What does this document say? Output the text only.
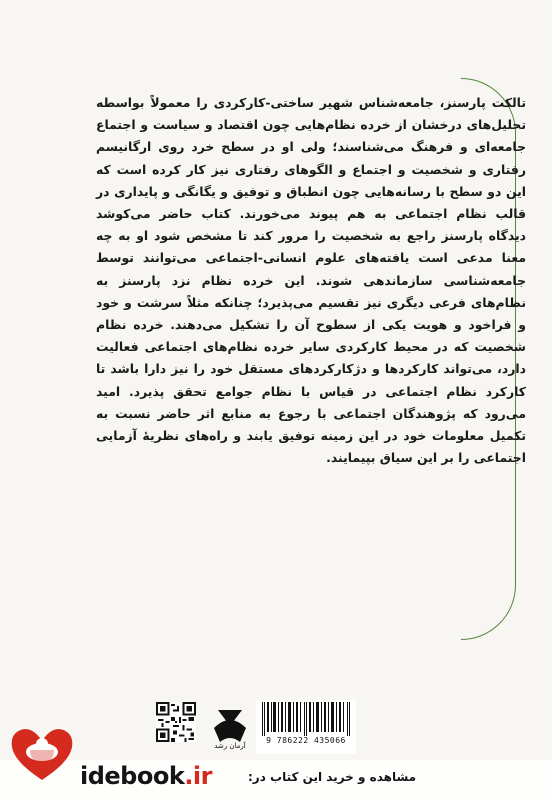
تالکت پارسنز، جامعه‌شناس شهیر ساختی-کارکردی را معمولاً بواسطه تحلیل‌های درخشان از خرده نظام‌هایی چون اقتصاد و سیاست و اجتماع جامعه‌ای و فرهنگ می‌شناسند؛ ولی او در سطح خرد روی ارگانیسم رفتاری و شخصیت و اجتماع و الگوهای رفتاری نیز کار کرده است که این دو سطح با رسانه‌هایی چون انطباق و توفیق و یگانگی و پایداری در قالب نظام اجتماعی به هم پیوند می‌خورند. کتاب حاضر می‌کوشد دیدگاه پارسنز راجع به شخصیت را مرور کند تا مشخص شود او به چه معنا مدعی است یافته‌های علوم انسانی-اجتماعی می‌توانند توسط جامعه‌شناسی سازماندهی شوند. این خرده نظام نزد پارسنز به نظام‌های فرعی دیگری نیز تقسیم می‌پذیرد؛ چنانکه مثلاً سرشت و خود و فراخود و هویت یکی از سطوح آن را تشکیل می‌دهند. خرده نظام شخصیت که در محیط کارکردی سایر خرده نظام‌های اجتماعی فعالیت دارد، می‌تواند کارکردها و دژکارکردهای مستقل خود را نیز دارا باشد تا کارکرد نظام اجتماعی در قیاس با نظام جوامع تحقق پذیرد. امید می‌رود که پژوهندگان اجتماعی با رجوع به منابع اثر حاضر نسبت به تکمیل معلومات خود در این زمینه توفیق یابند و راه‌های نظریهٔ آزمایی اجتماعی را بر این سیاق بپیمایند.

آرمان رشد
9 786222 435066
idebook.ir	مشاهده و خرید این کتاب در:
